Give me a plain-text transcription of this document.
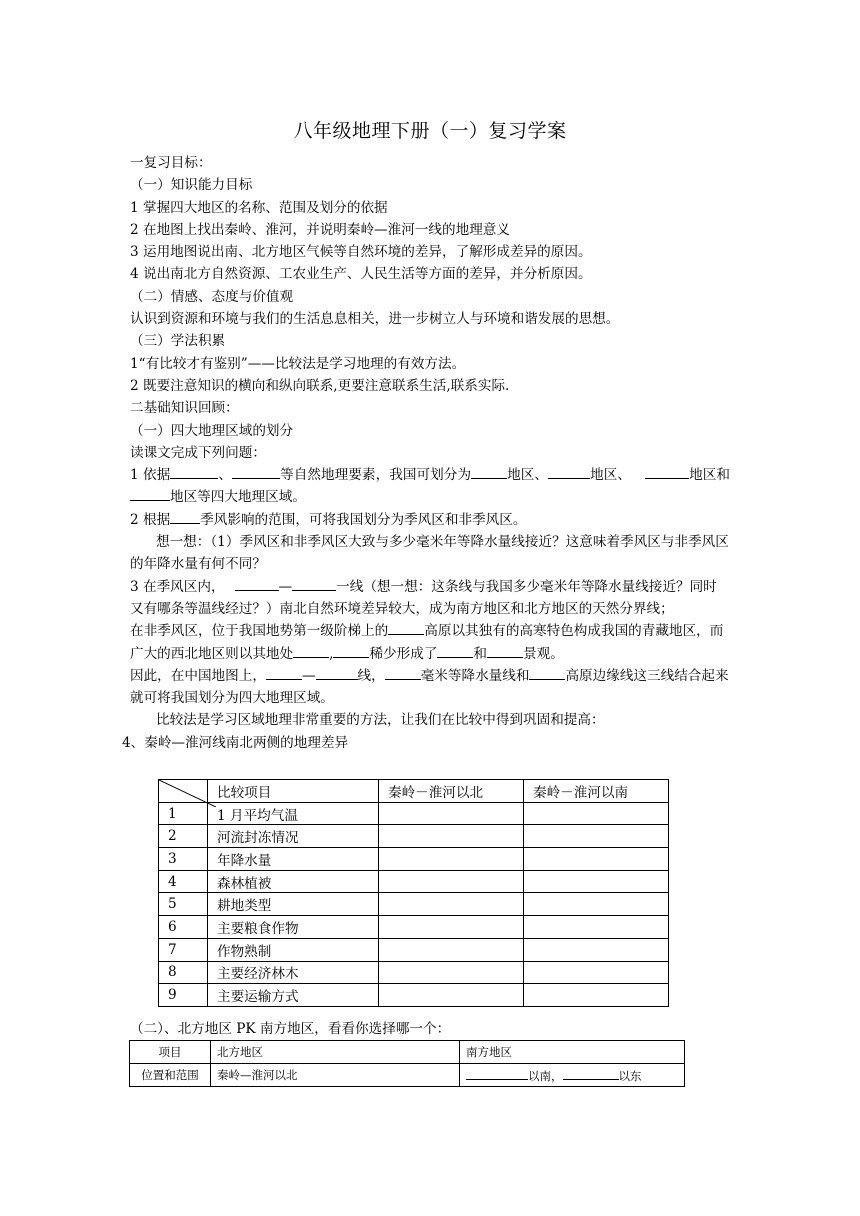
八年级地理下册（一）复习学案
一复习目标：
（一）知识能力目标
1 掌握四大地区的名称、范围及划分的依据
2 在地图上找出秦岭、淮河，并说明秦岭—淮河一线的地理意义
3 运用地图说出南、北方地区气候等自然环境的差异，了解形成差异的原因。
4 说出南北方自然资源、工农业生产、人民生活等方面的差异，并分析原因。
（二）情感、态度与价值观
认识到资源和环境与我们的生活息息相关，进一步树立人与环境和谐发展的思想。
（三）学法积累
1“有比较才有鉴别”——比较法是学习地理的有效方法。
2 既要注意知识的横向和纵向联系,更要注意联系生活,联系实际.
二基础知识回顾：
（一）四大地理区域的划分
读课文完成下列问题：
1 依据	、	等自然地理要素，我国可划分为	地区、	地区、	地区和地区等四大地理区域。
2 根据 季风影响的范围，可将我国划分为季风区和非季风区。
想一想：（1）季风区和非季风区大致与多少毫米年等降水量线接近？这意味着季风区与非季风区的年降水量有何不同？
3 在季风区内，	—	一线（想一想：这条线与我国多少毫米年等降水量线接近？同时又有哪条等温线经过？）南北自然环境差异较大，成为南方地区和北方地区的天然分界线；
在非季风区，位于我国地势第一级阶梯上的	高原以其独有的高寒特色构成我国的青藏地区，而广大的西北地区则以其地处	,	稀少形成了	和	景观。
因此，在中国地图上，	—	线，	毫米等降水量线和	高原边缘线这三线结合起来就可将我国划分为四大地理区域。
比较法是学习区域地理非常重要的方法，让我们在比较中得到巩固和提高：
4、秦岭—淮河线南北两侧的地理差异
	比较项目	秦岭－淮河以北	秦岭－淮河以南
1	1 月平均气温		
2	河流封冻情况		
3	年降水量		
4	森林植被		
5	耕地类型		
6	主要粮食作物		
7	作物熟制		
8	主要经济林木		
9	主要运输方式		
（二）、北方地区 PK 南方地区，看看你选择哪一个：
项目	北方地区	南方地区
位置和范围	秦岭—淮河以北	以南， 以东
